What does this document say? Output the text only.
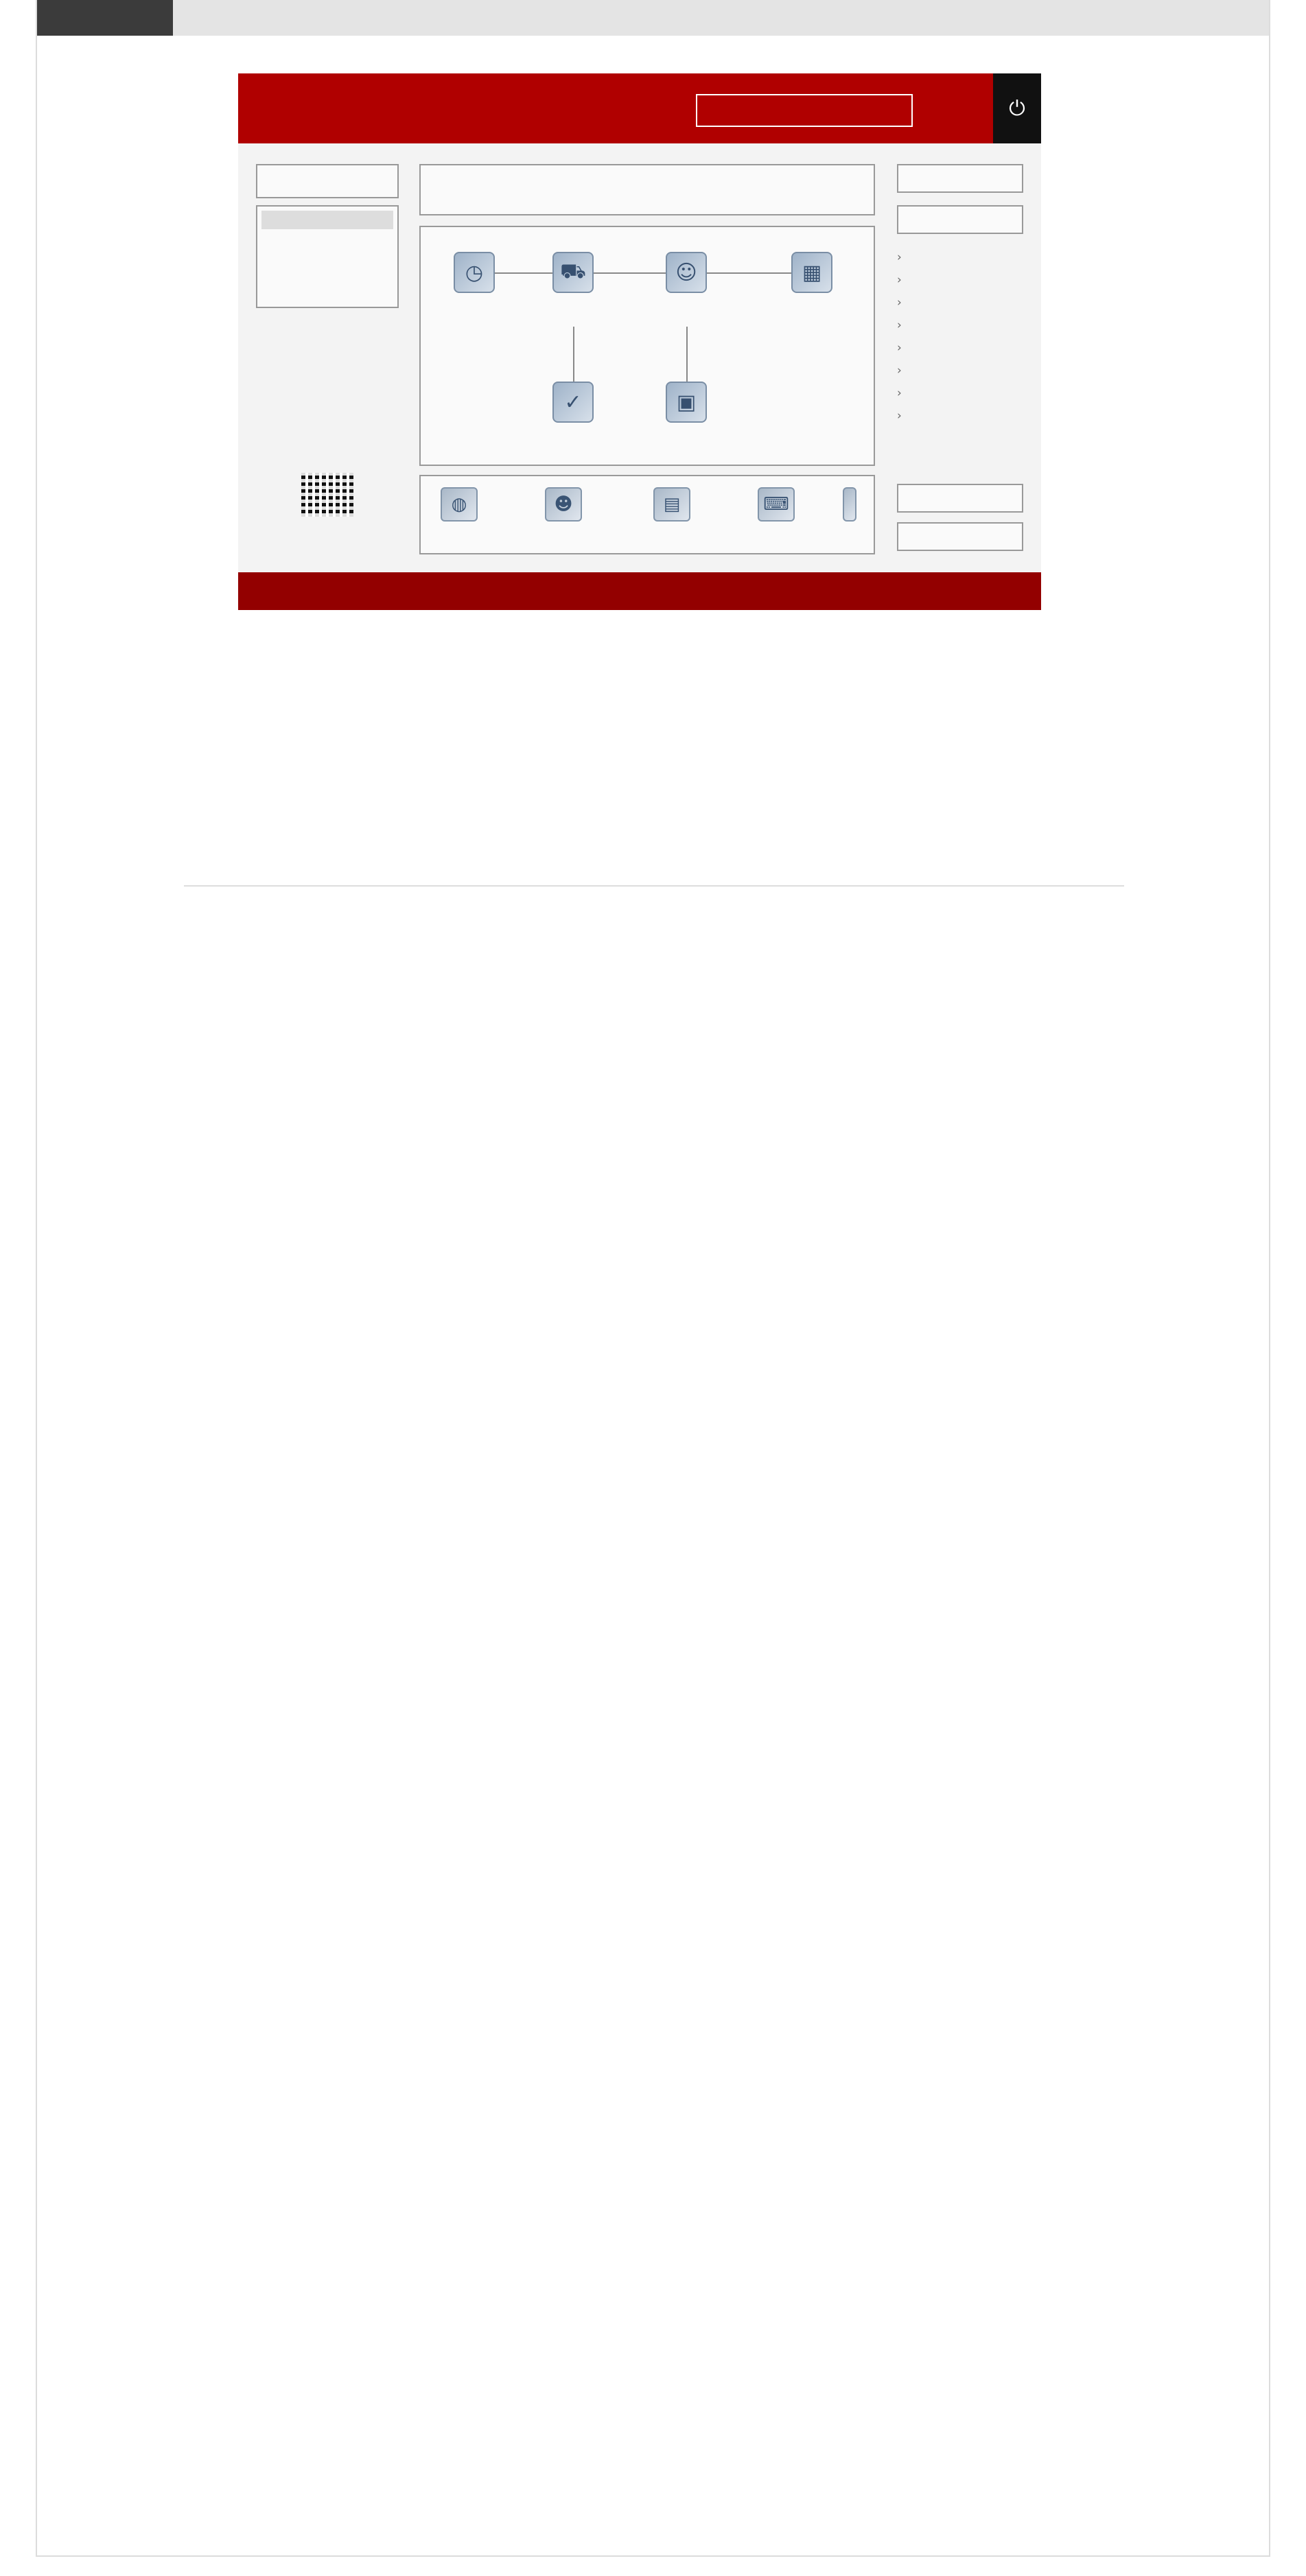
⏻
◷	⛟	☺	▦
✓	▣
◍	☻	▤	⌨
›
›
›
›
›
›
›
›
